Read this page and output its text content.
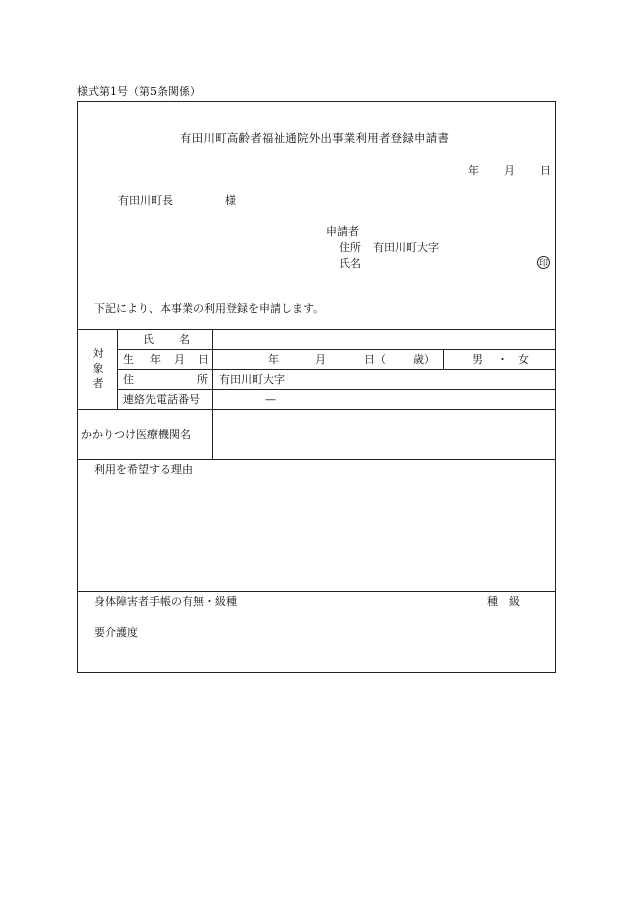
様式第1号（第5条関係）
有田川町高齢者福祉通院外出事業利用者登録申請書
年 月 日
有田川町長	様
申請者
住所 有田川町大字
氏名	印
下記により、本事業の利用登録を申請します。
対
象
者
氏 名
生 年 月 日	年	月	日（ 歳）	男 ・ 女
住	所 有田川町大字
連絡先電話番号	—
かかりつけ医療機関名
利用を希望する理由
身体障害者手帳の有無・級種	種 級
要介護度
